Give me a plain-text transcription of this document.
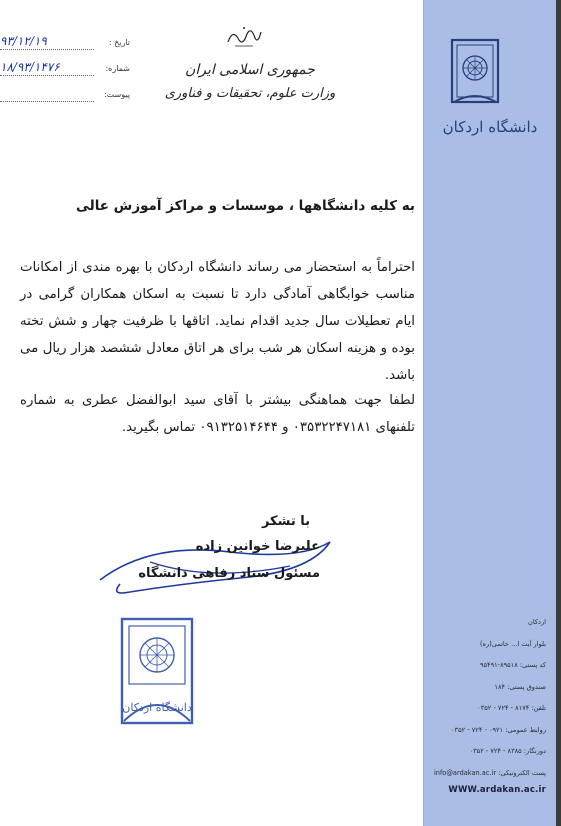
دانشگاه اردکان
اردکان
بلوار آیت ا... خاتمی(ره)
کد پستی: ۸۹۵۱۸-۹۵۴۹۱
صندوق پستی: ۱۸۴
تلفن: ۸۱۷۴ - ۷۲۴ - ۰۳۵۲
روابط عمومی: ۰۹۲۱ - ۷۲۴ - ۰۳۵۲
دورنگار: ۸۳۸۵ - ۷۲۴ - ۰۳۵۲
پست الکترونیکی: info@ardakan.ac.ir
WWW.ardakan.ac.ir
جمهوری اسلامی ایران
وزارت علوم، تحقیقات و فناوری
تاریخ :
۹۳/۱۲/۱۹
شماره:
۱۸/۹۳/۱۴۷۶
پیوست:
به کلیه دانشگاهها ، موسسات و مراکز آموزش عالی
احتراماً به استحضار می رساند دانشگاه اردکان با بهره مندی از امکانات مناسب خوابگاهی آمادگی دارد تا نسبت به اسکان همکاران گرامی در ایام تعطیلات سال جدید اقدام نماید. اتاقها با ظرفیت چهار و شش تخته بوده و هزینه اسکان هر شب برای هر اتاق معادل ششصد هزار ریال می باشد.
لطفا جهت هماهنگی بیشتر با آقای سید ابوالفضل عطری به شماره تلفنهای ۰۳۵۳۲۲۴۷۱۸۱ و ۰۹۱۳۲۵۱۴۶۴۴ تماس بگیرید.
با تشکر
علیرضا خوانین زاده
مسئول ستاد رفاهی دانشگاه
دانشگاه اردکان
